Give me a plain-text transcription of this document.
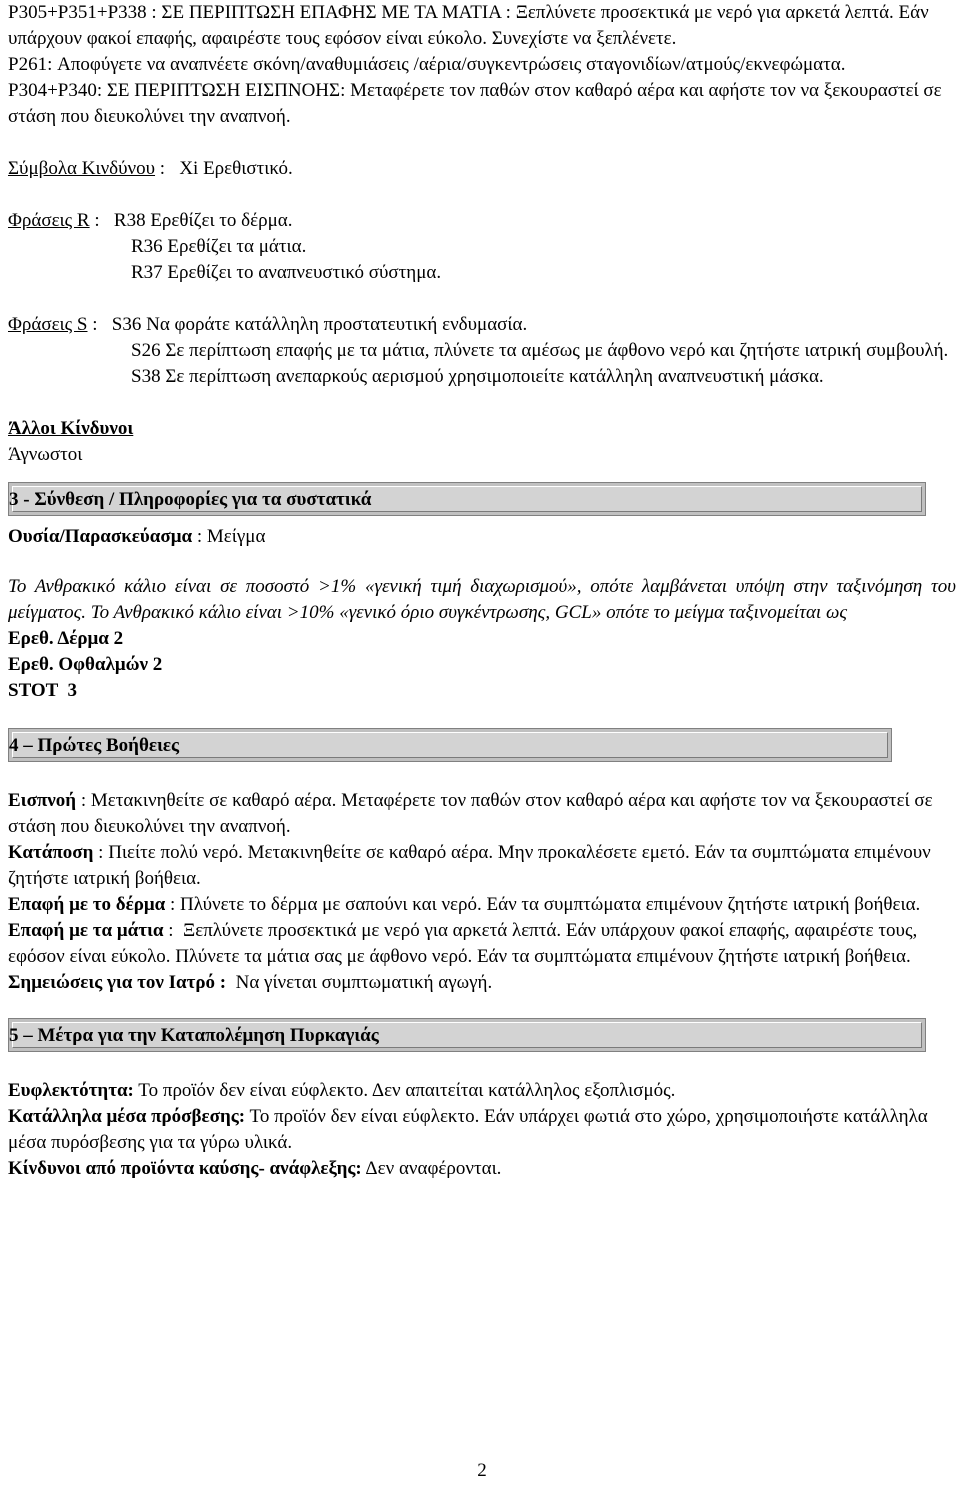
P305+P351+P338 : ΣΕ ΠΕΡΙΠΤΩΣΗ ΕΠΑΦΗΣ ΜΕ ΤΑ ΜΑΤΙΑ : Ξεπλύνετε προσεκτικά με νερό για αρκετά λεπτά. Εάν υπάρχουν φακοί επαφής, αφαιρέστε τους εφόσον είναι εύκολο. Συνεχίστε να ξεπλένετε.

P261: Αποφύγετε να αναπνέετε σκόνη/αναθυμιάσεις /αέρια/συγκεντρώσεις σταγονιδίων/ατμούς/εκνεφώματα.

P304+P340: ΣΕ ΠΕΡΙΠΤΩΣΗ ΕΙΣΠΝΟΗΣ: Μεταφέρετε τον παθών στον καθαρό αέρα και αφήστε τον να ξεκουραστεί σε στάση που διευκολύνει την αναπνοή.

Σύμβολα Κινδύνου :   Xi Ερεθιστικό.

Φράσεις R :   R38 Ερεθίζει το δέρμα.

R36 Ερεθίζει τα μάτια.

R37 Ερεθίζει το αναπνευστικό σύστημα.

Φράσεις S :   S36 Να φοράτε κατάλληλη προστατευτική ενδυμασία.

S26 Σε περίπτωση επαφής με τα μάτια, πλύνετε τα αμέσως με άφθονο νερό και ζητήστε ιατρική συμβουλή.

S38 Σε περίπτωση ανεπαρκούς αερισμού χρησιμοποιείτε κατάλληλη αναπνευστική μάσκα.

Άλλοι Κίνδυνοι

Άγνωστοι

3 - Σύνθεση / Πληροφορίες για τα συστατικά

Ουσία/Παρασκεύασμα : Μείγμα

Το Ανθρακικό κάλιο είναι σε ποσοστό >1% «γενική τιμή διαχωρισμού», οπότε λαμβάνεται υπόψη στην ταξινόμηση του μείγματος. Το Ανθρακικό κάλιο είναι >10% «γενικό όριο συγκέντρωσης, GCL» οπότε το μείγμα ταξινομείται ως

Ερεθ. Δέρμα 2

Ερεθ. Οφθαλμών 2

STOT  3

4 – Πρώτες Βοήθειες

Εισπνοή : Μετακινηθείτε σε καθαρό αέρα. Μεταφέρετε τον παθών στον καθαρό αέρα και αφήστε τον να ξεκουραστεί σε στάση που διευκολύνει την αναπνοή.

Κατάποση : Πιείτε πολύ νερό. Μετακινηθείτε σε καθαρό αέρα. Μην προκαλέσετε εμετό. Εάν τα συμπτώματα επιμένουν ζητήστε ιατρική βοήθεια.

Επαφή με το δέρμα : Πλύνετε το δέρμα με σαπούνι και νερό. Εάν τα συμπτώματα επιμένουν ζητήστε ιατρική βοήθεια.

Επαφή με τα μάτια :  Ξεπλύνετε προσεκτικά με νερό για αρκετά λεπτά. Εάν υπάρχουν φακοί επαφής, αφαιρέστε τους, εφόσον είναι εύκολο. Πλύνετε τα μάτια σας με άφθονο νερό. Εάν τα συμπτώματα επιμένουν ζητήστε ιατρική βοήθεια.

Σημειώσεις για τον Ιατρό :  Να γίνεται συμπτωματική αγωγή.

5 – Μέτρα για την Καταπολέμηση Πυρκαγιάς

Ευφλεκτότητα: Το προϊόν δεν είναι εύφλεκτο. Δεν απαιτείται κατάλληλος εξοπλισμός.

Κατάλληλα μέσα πρόσβεσης: Το προϊόν δεν είναι εύφλεκτο. Εάν υπάρχει φωτιά στο χώρο, χρησιμοποιήστε κατάλληλα μέσα πυρόσβεσης για τα γύρω υλικά.

Κίνδυνοι από προϊόντα καύσης- ανάφλεξης: Δεν αναφέρονται.

2
